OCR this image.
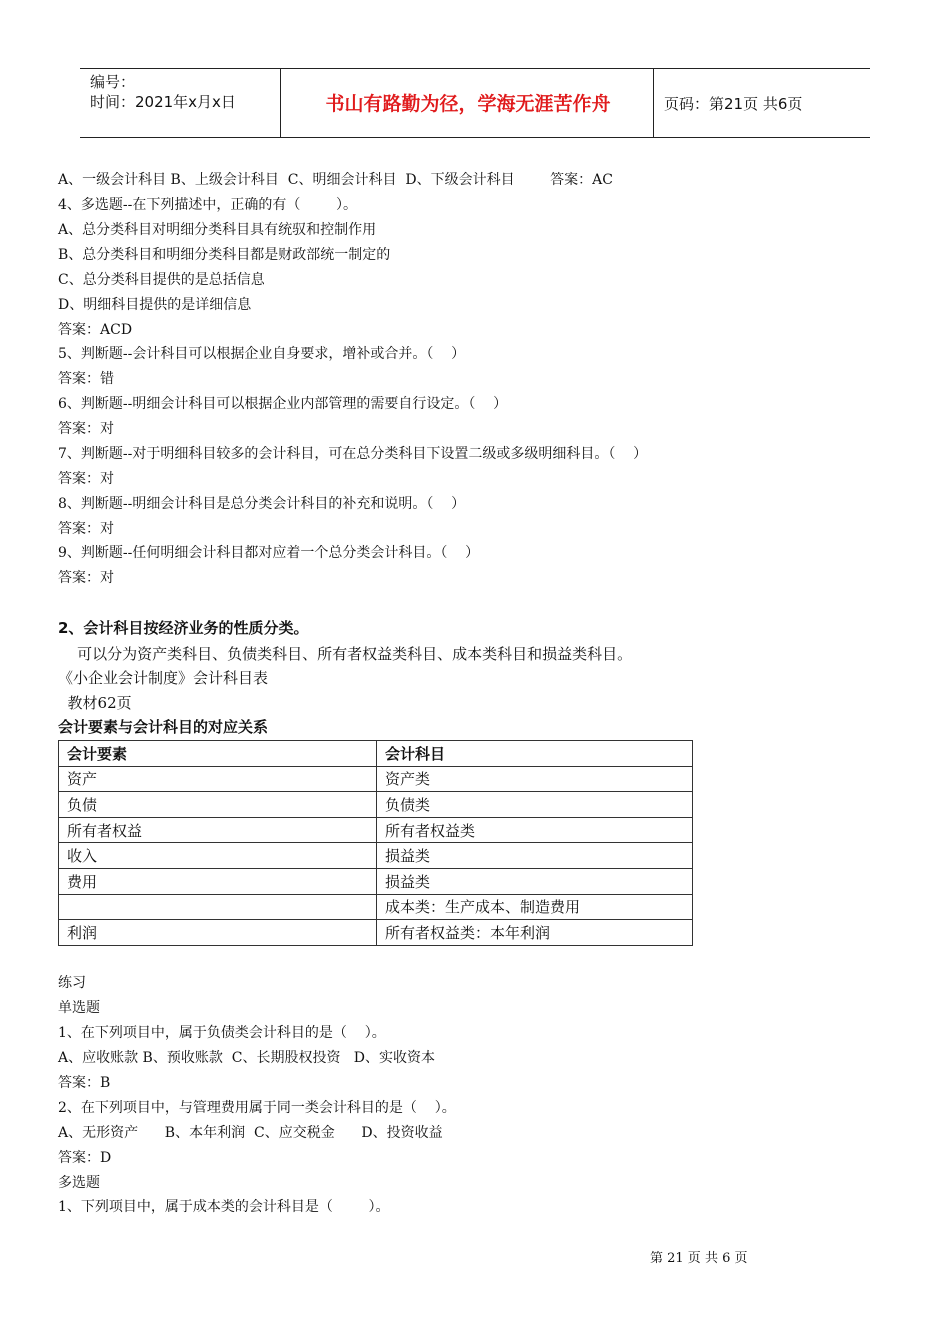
编号：
时间：2021年x月x日	书山有路勤为径，学海无涯苦作舟	页码：第21页 共6页
A、一级会计科目 B、上级会计科目  C、明细会计科目  D、下级会计科目        答案：AC
4、多选题--在下列描述中，正确的有（        ）。
A、总分类科目对明细分类科目具有统驭和控制作用
B、总分类科目和明细分类科目都是财政部统一制定的
C、总分类科目提供的是总括信息
D、明细科目提供的是详细信息
答案：ACD
5、判断题--会计科目可以根据企业自身要求，增补或合并。（    ）
答案：错
6、判断题--明细会计科目可以根据企业内部管理的需要自行设定。（    ）
答案：对
7、判断题--对于明细科目较多的会计科目，可在总分类科目下设置二级或多级明细科目。（    ）
答案：对
8、判断题--明细会计科目是总分类会计科目的补充和说明。（    ）
答案：对
9、判断题--任何明细会计科目都对应着一个总分类会计科目。（    ）
答案：对
2、会计科目按经济业务的性质分类。
可以分为资产类科目、负债类科目、所有者权益类科目、成本类科目和损益类科目。
《小企业会计制度》会计科目表
教材62页
会计要素与会计科目的对应关系
会计要素	会计科目
资产	资产类
负债	负债类
所有者权益	所有者权益类
收入	损益类
费用	损益类
	成本类：生产成本、制造费用
利润	所有者权益类：本年利润
练习
单选题
1、在下列项目中，属于负债类会计科目的是（    ）。
A、应收账款 B、预收账款  C、长期股权投资   D、实收资本
答案：B
2、在下列项目中，与管理费用属于同一类会计科目的是（    ）。
A、无形资产      B、本年利润  C、应交税金      D、投资收益
答案：D
多选题
1、下列项目中，属于成本类的会计科目是（        ）。
第 21 页 共 6 页
